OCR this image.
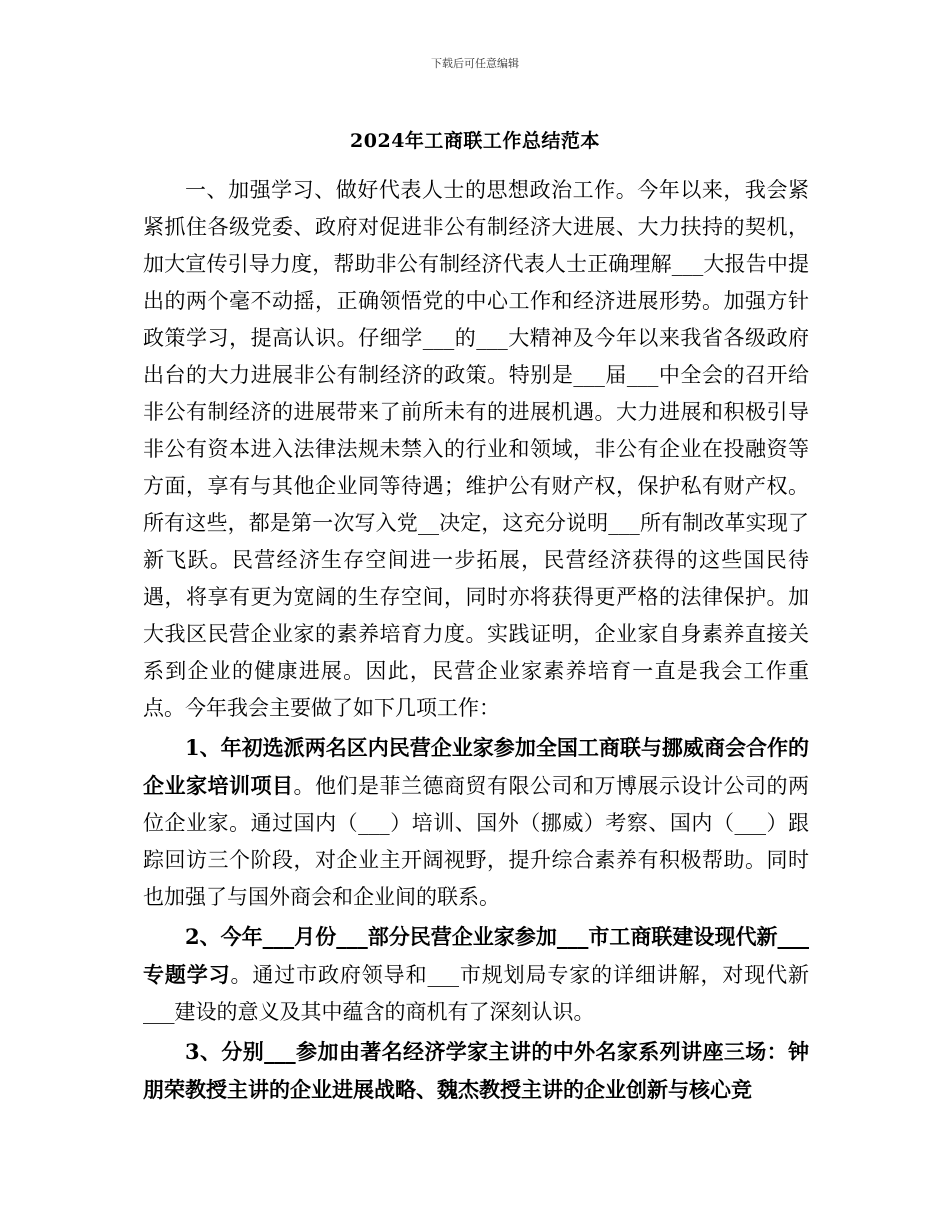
下载后可任意编辑
2024年工商联工作总结范本

一、加强学习、做好代表人士的思想政治工作。今年以来，我会紧紧抓住各级党委、政府对促进非公有制经济大进展、大力扶持的契机，加大宣传引导力度，帮助非公有制经济代表人士正确理解___大报告中提出的两个毫不动摇，正确领悟党的中心工作和经济进展形势。加强方针政策学习，提高认识。仔细学___的___大精神及今年以来我省各级政府出台的大力进展非公有制经济的政策。特别是___届___中全会的召开给非公有制经济的进展带来了前所未有的进展机遇。大力进展和积极引导非公有资本进入法律法规未禁入的行业和领域，非公有企业在投融资等方面，享有与其他企业同等待遇；维护公有财产权，保护私有财产权。所有这些，都是第一次写入党__决定，这充分说明___所有制改革实现了新飞跃。民营经济生存空间进一步拓展，民营经济获得的这些国民待遇，将享有更为宽阔的生存空间，同时亦将获得更严格的法律保护。加大我区民营企业家的素养培育力度。实践证明，企业家自身素养直接关系到企业的健康进展。因此，民营企业家素养培育一直是我会工作重点。今年我会主要做了如下几项工作：

1、年初选派两名区内民营企业家参加全国工商联与挪威商会合作的企业家培训项目。他们是菲兰德商贸有限公司和万博展示设计公司的两位企业家。通过国内（___）培训、国外（挪威）考察、国内（___）跟踪回访三个阶段，对企业主开阔视野，提升综合素养有积极帮助。同时也加强了与国外商会和企业间的联系。

2、今年___月份___部分民营企业家参加___市工商联建设现代新___专题学习。通过市政府领导和___市规划局专家的详细讲解，对现代新___建设的意义及其中蕴含的商机有了深刻认识。

3、分别___参加由著名经济学家主讲的中外名家系列讲座三场：钟朋荣教授主讲的企业进展战略、魏杰教授主讲的企业创新与核心竞
